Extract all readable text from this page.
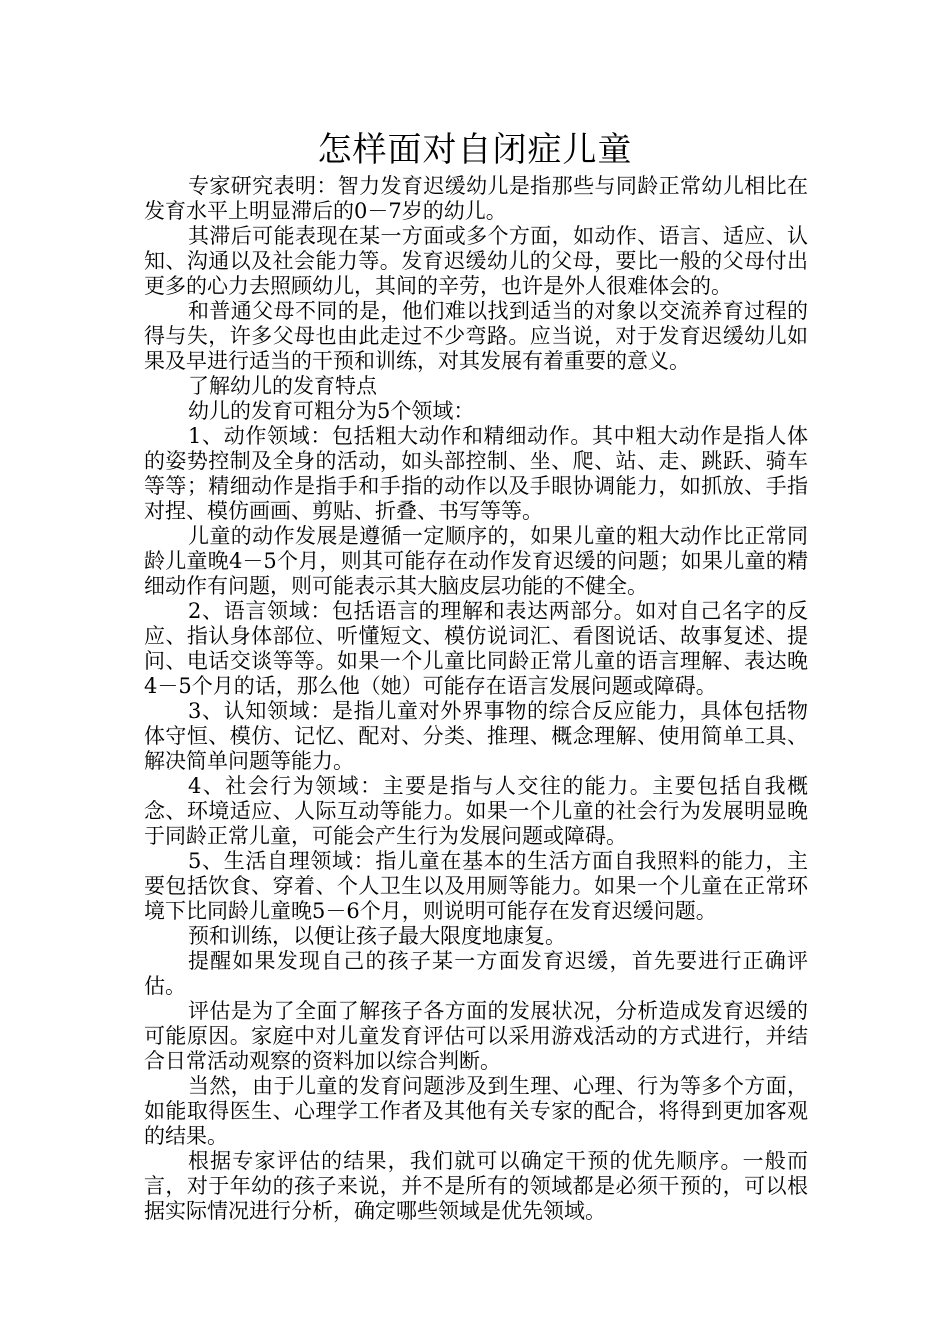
怎样面对自闭症儿童

专家研究表明：智力发育迟缓幼儿是指那些与同龄正常幼儿相比在发育水平上明显滞后的0－7岁的幼儿。

其滞后可能表现在某一方面或多个方面，如动作、语言、适应、认知、沟通以及社会能力等。发育迟缓幼儿的父母，要比一般的父母付出更多的心力去照顾幼儿，其间的辛劳，也许是外人很难体会的。

和普通父母不同的是，他们难以找到适当的对象以交流养育过程的得与失，许多父母也由此走过不少弯路。应当说，对于发育迟缓幼儿如果及早进行适当的干预和训练，对其发展有着重要的意义。

了解幼儿的发育特点

幼儿的发育可粗分为5个领域：

1、动作领域：包括粗大动作和精细动作。其中粗大动作是指人体的姿势控制及全身的活动，如头部控制、坐、爬、站、走、跳跃、骑车等等；精细动作是指手和手指的动作以及手眼协调能力，如抓放、手指对捏、模仿画画、剪贴、折叠、书写等等。

儿童的动作发展是遵循一定顺序的，如果儿童的粗大动作比正常同龄儿童晚4－5个月，则其可能存在动作发育迟缓的问题；如果儿童的精细动作有问题，则可能表示其大脑皮层功能的不健全。

2、语言领域：包括语言的理解和表达两部分。如对自己名字的反应、指认身体部位、听懂短文、模仿说词汇、看图说话、故事复述、提问、电话交谈等等。如果一个儿童比同龄正常儿童的语言理解、表达晚4－5个月的话，那么他（她）可能存在语言发展问题或障碍。

3、认知领域：是指儿童对外界事物的综合反应能力，具体包括物体守恒、模仿、记忆、配对、分类、推理、概念理解、使用简单工具、解决简单问题等能力。

4、社会行为领域：主要是指与人交往的能力。主要包括自我概念、环境适应、人际互动等能力。如果一个儿童的社会行为发展明显晚于同龄正常儿童，可能会产生行为发展问题或障碍。

5、生活自理领域：指儿童在基本的生活方面自我照料的能力，主要包括饮食、穿着、个人卫生以及用厕等能力。如果一个儿童在正常环境下比同龄儿童晚5－6个月，则说明可能存在发育迟缓问题。

预和训练，以便让孩子最大限度地康复。

提醒如果发现自己的孩子某一方面发育迟缓，首先要进行正确评估。

评估是为了全面了解孩子各方面的发展状况，分析造成发育迟缓的可能原因。家庭中对儿童发育评估可以采用游戏活动的方式进行，并结合日常活动观察的资料加以综合判断。

当然，由于儿童的发育问题涉及到生理、心理、行为等多个方面，如能取得医生、心理学工作者及其他有关专家的配合，将得到更加客观的结果。

根据专家评估的结果，我们就可以确定干预的优先顺序。一般而言，对于年幼的孩子来说，并不是所有的领域都是必须干预的，可以根据实际情况进行分析，确定哪些领域是优先领域。
